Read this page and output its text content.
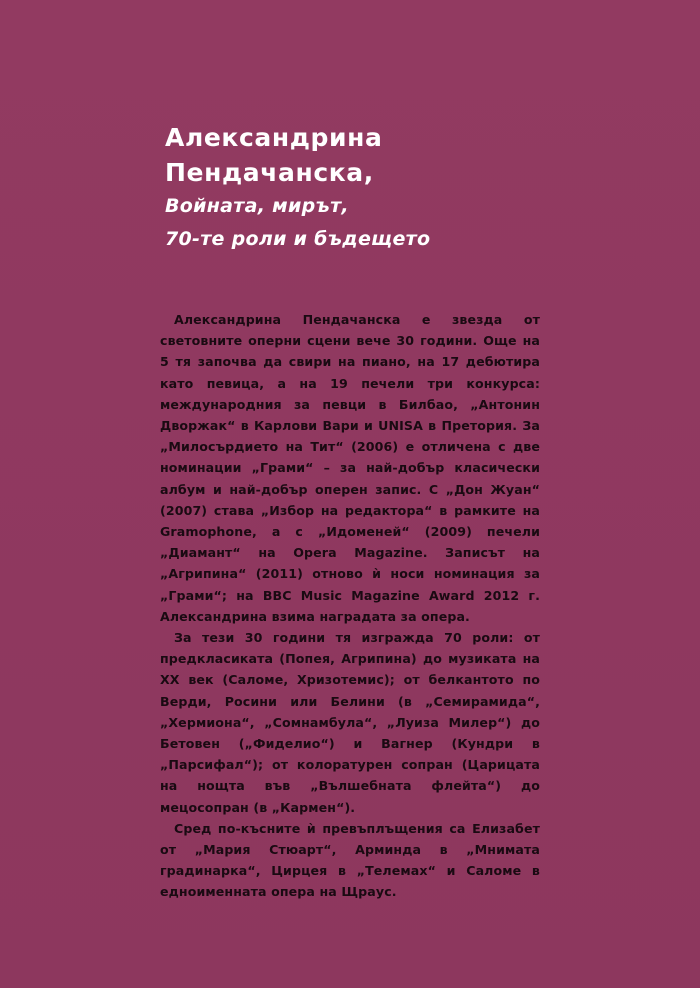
Александрина
Пендачанска,
Войната, мирът,
70-те роли и бъдещето

Александрина Пендачанска е звезда от световните оперни сцени вече 30 години. Още на 5 тя започва да свири на пиано, на 17 дебютира като певица, а на 19 печели три конкурса: международния за певци в Билбао, „Антонин Дворжак“ в Карлови Вари и UNISA в Претория. За „Милосърдието на Тит“ (2006) е отличена с две номинации „Грами“ – за най-добър класически албум и най-добър оперен запис. С „Дон Жуан“ (2007) става „Избор на редактора“ в рамките на Gramophone, а с „Идоменей“ (2009) печели „Диамант“ на Opera Magazine. Записът на „Агрипина“ (2011) отново ѝ носи номинация за „Грами“; на BBC Music Magazine Award 2012 г. Александрина взима наградата за опера.

За тези 30 години тя изгражда 70 роли: от предкласиката (Попея, Агрипина) до музиката на XX век (Саломе, Хризотемис); от белкантото по Верди, Росини или Белини (в „Семирамида“, „Хермиона“, „Сомнамбула“, „Луиза Милер“) до Бетовен („Фиделио“) и Вагнер (Кундри в „Парсифал“); от колоратурен сопран (Царицата на нощта във „Вълшебната флейта“) до мецосопран (в „Кармен“).

Сред по-късните ѝ превъплъщения са Елизабет от „Мария Стюарт“, Арминда в „Мнимата градинарка“, Цирцея в „Телемах“ и Саломе в едноименната опера на Щраус.
